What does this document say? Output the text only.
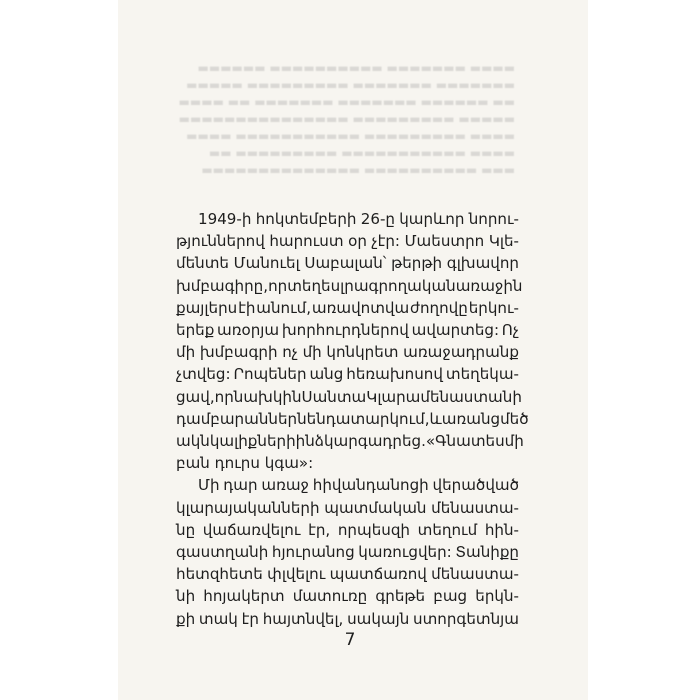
▬▬▬▬ ▬▬▬▬▬▬▬ ▬▬▬▬▬▬▬▬▬▬ ▬▬▬▬▬▬
▬▬▬▬▬▬▬ ▬▬▬▬▬▬▬ ▬▬▬▬▬▬▬▬▬ ▬▬▬▬▬
▬▬ ▬▬▬▬▬▬ ▬▬▬▬▬▬▬ ▬▬▬▬▬▬▬ ▬▬ ▬▬▬▬
▬▬▬▬▬ ▬▬▬▬▬▬▬▬▬ ▬▬▬▬▬▬▬▬▬▬▬▬▬▬▬
▬▬▬▬ ▬▬▬▬▬▬▬▬▬ ▬▬▬▬▬▬▬▬▬▬▬ ▬▬▬▬
▬▬▬▬ ▬▬▬▬▬▬▬▬▬▬▬ ▬▬▬▬▬▬▬▬▬ ▬▬
▬▬▬ ▬▬▬▬▬▬▬▬▬▬ ▬▬▬▬▬▬▬▬▬▬▬▬▬▬
1949-ի հոկտեմբերի 26-ը կարևոր նորու-
թյուններով հարուստ օր չէր: Մաեստրո Կլե-
մենտե Մանուել Սաբալան՝ թերթի գլխավոր
խմբագիրը, որտեղ ես լրագրողական առաջին
քայլերս էի անում, առավոտվա ժողովը երկու-
երեք առօրյա խորհուրդներով ավարտեց: Ոչ
մի խմբագրի ոչ մի կոնկրետ առաջադրանք
չտվեց: Րոպեներ անց հեռախոսով տեղեկա-
ցավ, որ նախկին Սանտա Կլարա մենաստանի
դամբարաններն են դատարկում, և առանց մեծ
ակնկալիքների ինձ կարգադրեց. «Գնա տես մի
բան դուրս կգա»:
Մի դար առաջ հիվանդանոցի վերածված
կլարայականների պատմական մենաստա-
նը վաճառվելու էր, որպեսզի տեղում հին-
գաստղանի հյուրանոց կառուցվեր: Տանիքը
հետզհետե փլվելու պատճառով մենաստա-
նի հոյակերտ մատուռը գրեթե բաց երկն-
քի տակ էր հայտնվել, սակայն ստորգետնյա
7
